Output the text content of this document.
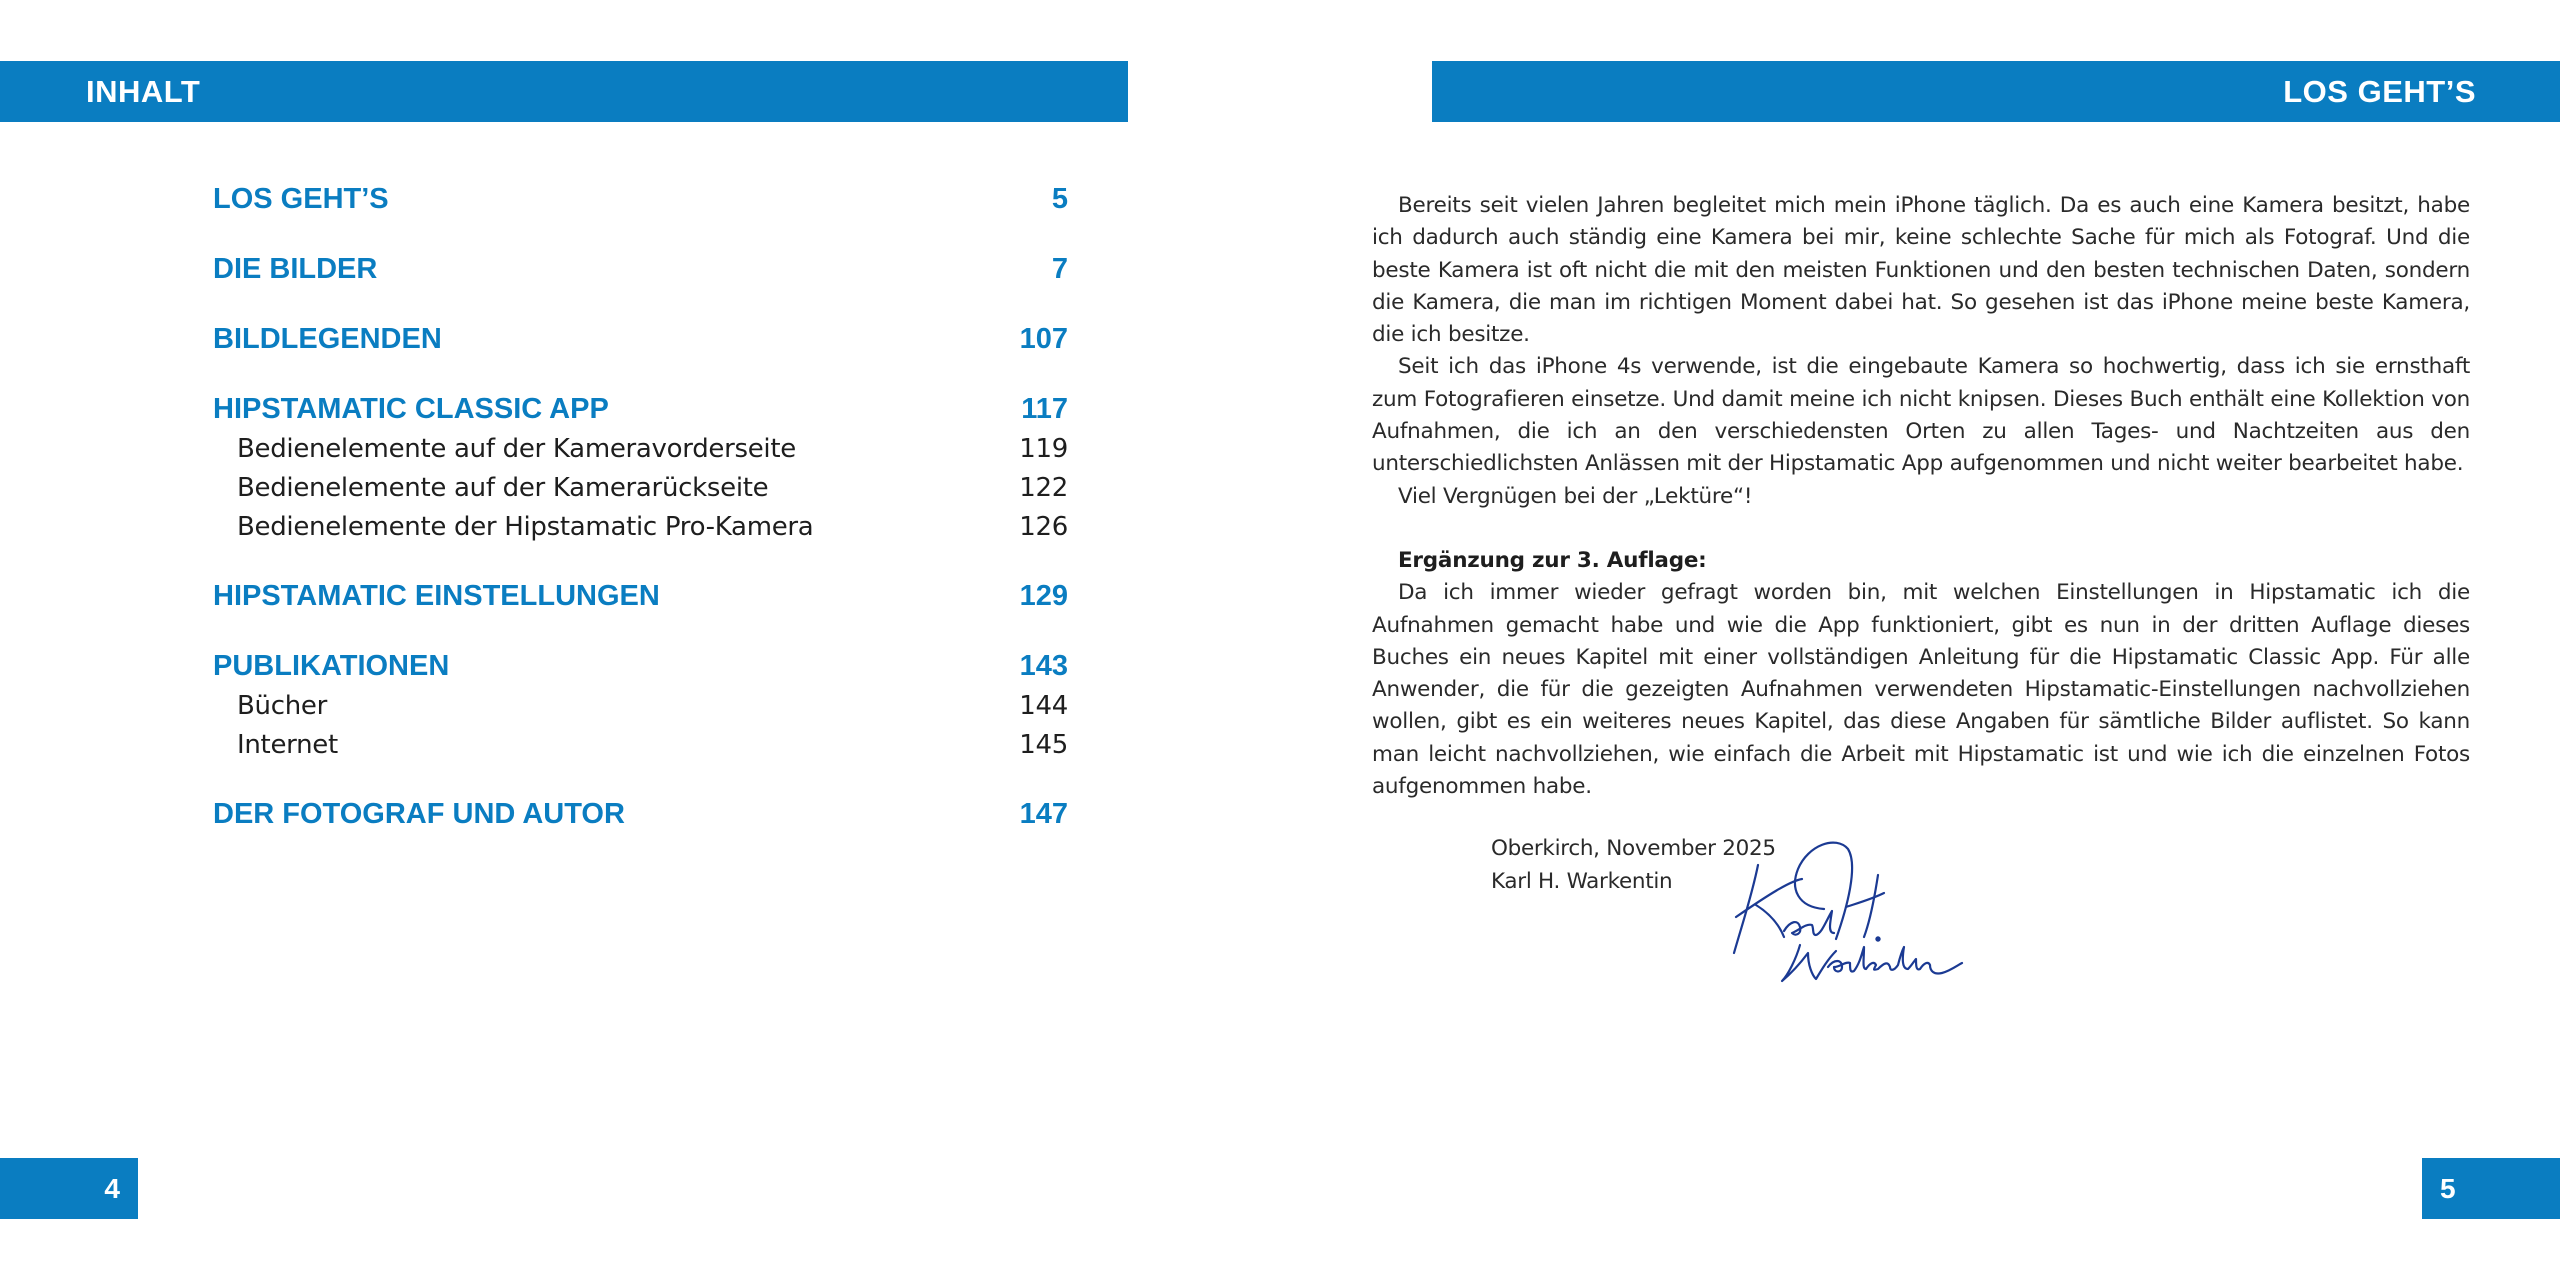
INHALT
LOS GEHT’S	5
DIE BILDER	7
BILDLEGENDEN	107
HIPSTAMATIC CLASSIC APP	117
Bedienelemente auf der Kameravorderseite	119
Bedienelemente auf der Kamerarückseite	122
Bedienelemente der Hipstamatic Pro-Kamera	126
HIPSTAMATIC EINSTELLUNGEN	129
PUBLIKATIONEN	143
Bücher	144
Internet	145
DER FOTOGRAF UND AUTOR	147
4
LOS GEHT’S

Bereits seit vielen Jahren begleitet mich mein iPhone täglich. Da es auch eine Kamera besitzt, habe ich dadurch auch ständig eine Kamera bei mir, keine schlechte Sache für mich als Fotograf. Und die beste Kamera ist oft nicht die mit den meisten Funktionen und den besten technischen Daten, sondern die Kamera, die man im richtigen Moment dabei hat. So gesehen ist das iPhone meine beste Kamera, die ich besitze.

Seit ich das iPhone 4s verwende, ist die eingebaute Kamera so hochwertig, dass ich sie ernsthaft zum Fotografieren einsetze. Und damit meine ich nicht knipsen. Dieses Buch enthält eine Kollektion von Aufnahmen, die ich an den verschiedensten Orten zu allen Tages- und Nachtzeiten aus den unterschiedlichsten Anlässen mit der Hipstamatic App aufgenommen und nicht weiter bearbeitet habe.

Viel Vergnügen bei der „Lektüre“!

Ergänzung zur 3. Auflage:

Da ich immer wieder gefragt worden bin, mit welchen Einstellungen in Hipstamatic ich die Aufnahmen gemacht habe und wie die App funktioniert, gibt es nun in der dritten Auflage dieses Buches ein neues Kapitel mit einer vollständigen Anleitung für die Hipstamatic Classic App. Für alle Anwender, die für die gezeigten Aufnahmen verwendeten Hipstamatic-Einstellungen nachvollziehen wollen, gibt es ein weiteres neues Kapitel, das diese Angaben für sämtliche Bilder auflistet. So kann man leicht nachvollziehen, wie einfach die Arbeit mit Hipstamatic ist und wie ich die einzelnen Fotos aufgenommen habe.

Oberkirch, November 2025
Karl H. Warkentin
5
